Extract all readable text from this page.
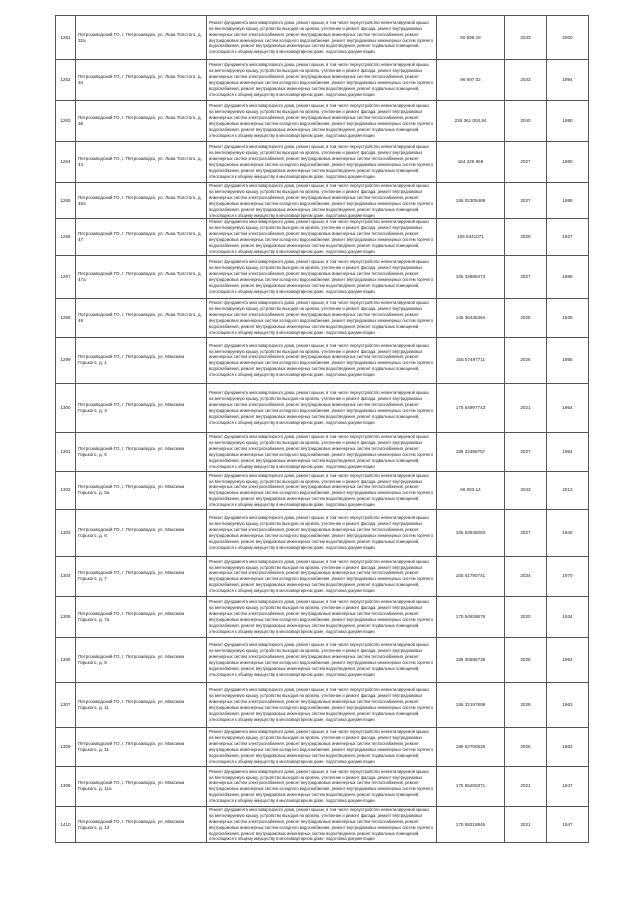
1261	Петрозаводский ГО, г. Петрозаводск, ул. Льва Толстого, д. 32а	Ремонт фундамента многоквартирного дома, ремонт крыши, в том числе переустройство невентилируемой крыши на вентилируемую крышу, устройство выходов на кровлю, утепление и ремонт фасада, ремонт внутридомовых инженерных систем электроснабжения, ремонт внутридомовых инженерных систем теплоснабжения, ремонт внутридомовых инженерных систем холодного водоснабжения, ремонт внутридомовых инженерных систем горячего водоснабжения, ремонт внутридомовых инженерных систем водоотведения, ремонт подвальных помещений, относящихся к общему имуществу в многоквартирном доме, подготовка документации	60 598,18	2043	2000
1262	Петрозаводский ГО, г. Петрозаводск, ул. Льва Толстого, д. 34	Ремонт фундамента многоквартирного дома, ремонт крыши, в том числе переустройство невентилируемой крыши на вентилируемую крышу, устройство выходов на кровлю, утепление и ремонт фасада, ремонт внутридомовых инженерных систем электроснабжения, ремонт внутридомовых инженерных систем теплоснабжения, ремонт внутридомовых инженерных систем холодного водоснабжения, ремонт внутридомовых инженерных систем горячего водоснабжения, ремонт внутридомовых инженерных систем водоотведения, ремонт подвальных помещений, относящихся к общему имуществу в многоквартирном доме, подготовка документации	96 697,02	2043	1994
1263	Петрозаводский ГО, г. Петрозаводск, ул. Льва Толстого, д. 38	Ремонт фундамента многоквартирного дома, ремонт крыши, в том числе переустройство невентилируемой крыши на вентилируемую крышу, устройство выходов на кровлю, утепление и ремонт фасада, ремонт внутридомовых инженерных систем электроснабжения, ремонт внутридомовых инженерных систем теплоснабжения, ремонт внутридомовых инженерных систем холодного водоснабжения, ремонт внутридомовых инженерных систем горячего водоснабжения, ремонт внутридомовых инженерных систем водоотведения, ремонт подвальных помещений, относящихся к общему имуществу в многоквартирном доме, подготовка документации	226 361 004,84	2040	1980
1264	Петрозаводский ГО, г. Петрозаводск, ул. Льва Толстого, д. 43	Ремонт фундамента многоквартирного дома, ремонт крыши, в том числе переустройство невентилируемой крыши на вентилируемую крышу, устройство выходов на кровлю, утепление и ремонт фасада, ремонт внутридомовых инженерных систем электроснабжения, ремонт внутридомовых инженерных систем теплоснабжения, ремонт внутридомовых инженерных систем холодного водоснабжения, ремонт внутридомовых инженерных систем горячего водоснабжения, ремонт внутридомовых инженерных систем водоотведения, ремонт подвальных помещений, относящихся к общему имуществу в многоквартирном доме, подготовка документации	164 326 869	2027	1980
1265	Петрозаводский ГО, г. Петрозаводск, ул. Льва Толстого, д. 45а	Ремонт фундамента многоквартирного дома, ремонт крыши, в том числе переустройство невентилируемой крыши на вентилируемую крышу, устройство выходов на кровлю, утепление и ремонт фасада, ремонт внутридомовых инженерных систем электроснабжения, ремонт внутридомовых инженерных систем теплоснабжения, ремонт внутридомовых инженерных систем холодного водоснабжения, ремонт внутридомовых инженерных систем горячего водоснабжения, ремонт внутридомовых инженерных систем водоотведения, ремонт подвальных помещений, относящихся к общему имуществу в многоквартирном доме, подготовка документации	155 02305489	2027	1985
1266	Петрозаводский ГО, г. Петрозаводск, ул. Льва Толстого, д. 47	Ремонт фундамента многоквартирного дома, ремонт крыши, в том числе переустройство невентилируемой крыши на вентилируемую крышу, устройство выходов на кровлю, утепление и ремонт фасада, ремонт внутридомовых инженерных систем электроснабжения, ремонт внутридомовых инженерных систем теплоснабжения, ремонт внутридомовых инженерных систем холодного водоснабжения, ремонт внутридомовых инженерных систем горячего водоснабжения, ремонт внутридомовых инженерных систем водоотведения, ремонт подвальных помещений, относящихся к общему имуществу в многоквартирном доме, подготовка документации	105 6441071	2026	1927
1267	Петрозаводский ГО, г. Петрозаводск, ул. Льва Толстого, д. 47а	Ремонт фундамента многоквартирного дома, ремонт крыши, в том числе переустройство невентилируемой крыши на вентилируемую крышу, устройство выходов на кровлю, утепление и ремонт фасада, ремонт внутридомовых инженерных систем электроснабжения, ремонт внутридомовых инженерных систем теплоснабжения, ремонт внутридомовых инженерных систем холодного водоснабжения, ремонт внутридомовых инженерных систем горячего водоснабжения, ремонт внутридомовых инженерных систем водоотведения, ремонт подвальных помещений, относящихся к общему имуществу в многоквартирном доме, подготовка документации	155 33886473	2027	1989
1268	Петрозаводский ГО, г. Петрозаводск, ул. Льва Толстого, д. 49	Ремонт фундамента многоквартирного дома, ремонт крыши, в том числе переустройство невентилируемой крыши на вентилируемую крышу, устройство выходов на кровлю, утепление и ремонт фасада, ремонт внутридомовых инженерных систем электроснабжения, ремонт внутридомовых инженерных систем теплоснабжения, ремонт внутридомовых инженерных систем холодного водоснабжения, ремонт внутридомовых инженерных систем горячего водоснабжения, ремонт внутридомовых инженерных систем водоотведения, ремонт подвальных помещений, относящихся к общему имуществу в многоквартирном доме, подготовка документации	145 36435464	2025	1935
1299	Петрозаводский ГО, г. Петрозаводск, ул. Максима Горького, д. 1	Ремонт фундамента многоквартирного дома, ремонт крыши, в том числе переустройство невентилируемой крыши на вентилируемую крышу, устройство выходов на кровлю, утепление и ремонт фасада, ремонт внутридомовых инженерных систем электроснабжения, ремонт внутридомовых инженерных систем теплоснабжения, ремонт внутридомовых инженерных систем холодного водоснабжения, ремонт внутридомовых инженерных систем горячего водоснабжения, ремонт внутридомовых инженерных систем водоотведения, ремонт подвальных помещений, относящихся к общему имуществу в многоквартирном доме, подготовка документации	155 57497711	2026	1955
1300	Петрозаводский ГО, г. Петрозаводск, ул. Максима Горького, д. 3	Ремонт фундамента многоквартирного дома, ремонт крыши, в том числе переустройство невентилируемой крыши на вентилируемую крышу, устройство выходов на кровлю, утепление и ремонт фасада, ремонт внутридомовых инженерных систем электроснабжения, ремонт внутридомовых инженерных систем теплоснабжения, ремонт внутридомовых инженерных систем холодного водоснабжения, ремонт внутридомовых инженерных систем горячего водоснабжения, ремонт внутридомовых инженерных систем водоотведения, ремонт подвальных помещений, относящихся к общему имуществу в многоквартирном доме, подготовка документации	175 54997743	2021	1964
1301	Петрозаводский ГО, г. Петрозаводск, ул. Максима Горького, д. 5	Ремонт фундамента многоквартирного дома, ремонт крыши, в том числе переустройство невентилируемой крыши на вентилируемую крышу, устройство выходов на кровлю, утепление и ремонт фасада, ремонт внутридомовых инженерных систем электроснабжения, ремонт внутридомовых инженерных систем теплоснабжения, ремонт внутридомовых инженерных систем холодного водоснабжения, ремонт внутридомовых инженерных систем горячего водоснабжения, ремонт внутридомовых инженерных систем водоотведения, ремонт подвальных помещений, относящихся к общему имуществу в многоквартирном доме, подготовка документации	155 33398757	2027	1964
1302	Петрозаводский ГО, г. Петрозаводск, ул. Максима Горького, д. 5а	Ремонт фундамента многоквартирного дома, ремонт крыши, в том числе переустройство невентилируемой крыши на вентилируемую крышу, устройство выходов на кровлю, утепление и ремонт фасада, ремонт внутридомовых инженерных систем электроснабжения, ремонт внутридомовых инженерных систем теплоснабжения, ремонт внутридомовых инженерных систем холодного водоснабжения, ремонт внутридомовых инженерных систем горячего водоснабжения, ремонт внутридомовых инженерных систем водоотведения, ремонт подвальных помещений, относящихся к общему имуществу в многоквартирном доме, подготовка документации	66 063,14	2043	2012
1303	Петрозаводский ГО, г. Петрозаводск, ул. Максима Горького, д. 6	Ремонт фундамента многоквартирного дома, ремонт крыши, в том числе переустройство невентилируемой крыши на вентилируемую крышу, устройство выходов на кровлю, утепление и ремонт фасада, ремонт внутридомовых инженерных систем электроснабжения, ремонт внутридомовых инженерных систем теплоснабжения, ремонт внутридомовых инженерных систем холодного водоснабжения, ремонт внутридомовых инженерных систем горячего водоснабжения, ремонт внутридомовых инженерных систем водоотведения, ремонт подвальных помещений, относящихся к общему имуществу в многоквартирном доме, подготовка документации	155 53636093	2027	1940
1304	Петрозаводский ГО, г. Петрозаводск, ул. Максима Горького, д. 7	Ремонт фундамента многоквартирного дома, ремонт крыши, в том числе переустройство невентилируемой крыши на вентилируемую крышу, устройство выходов на кровлю, утепление и ремонт фасада, ремонт внутридомовых инженерных систем электроснабжения, ремонт внутридомовых инженерных систем теплоснабжения, ремонт внутридомовых инженерных систем холодного водоснабжения, ремонт внутридомовых инженерных систем горячего водоснабжения, ремонт внутридомовых инженерных систем водоотведения, ремонт подвальных помещений, относящихся к общему имуществу в многоквартирном доме, подготовка документации	155 51790741	2034	1970
1305	Петрозаводский ГО, г. Петрозаводск, ул. Максима Горького, д. 7а	Ремонт фундамента многоквартирного дома, ремонт крыши, в том числе переустройство невентилируемой крыши на вентилируемую крышу, устройство выходов на кровлю, утепление и ремонт фасада, ремонт внутридомовых инженерных систем электроснабжения, ремонт внутридомовых инженерных систем теплоснабжения, ремонт внутридомовых инженерных систем холодного водоснабжения, ремонт внутридомовых инженерных систем горячего водоснабжения, ремонт внутридомовых инженерных систем водоотведения, ремонт подвальных помещений, относящихся к общему имуществу в многоквартирном доме, подготовка документации	175 54628679	2020	1934
1306	Петрозаводский ГО, г. Петрозаводск, ул. Максима Горького, д. 8	Ремонт фундамента многоквартирного дома, ремонт крыши, в том числе переустройство невентилируемой крыши на вентилируемую крышу, устройство выходов на кровлю, утепление и ремонт фасада, ремонт внутридомовых инженерных систем электроснабжения, ремонт внутридомовых инженерных систем теплоснабжения, ремонт внутридомовых инженерных систем холодного водоснабжения, ремонт внутридомовых инженерных систем горячего водоснабжения, ремонт внутридомовых инженерных систем водоотведения, ремонт подвальных помещений, относящихся к общему имуществу в многоквартирном доме, подготовка документации	155 35886738	2026	1982
1307	Петрозаводский ГО, г. Петрозаводск, ул. Максима Горького, д. 11	Ремонт фундамента многоквартирного дома, ремонт крыши, в том числе переустройство невентилируемой крыши на вентилируемую крышу, устройство выходов на кровлю, утепление и ремонт фасада, ремонт внутридомовых инженерных систем электроснабжения, ремонт внутридомовых инженерных систем теплоснабжения, ремонт внутридомовых инженерных систем холодного водоснабжения, ремонт внутридомовых инженерных систем горячего водоснабжения, ремонт внутридомовых инженерных систем водоотведения, ремонт подвальных помещений, относящихся к общему имуществу в многоквартирном доме, подготовка документации	155 32197699	2029	1963
1308	Петрозаводский ГО, г. Петрозаводск, ул. Максима Горького, д. 11	Ремонт фундамента многоквартирного дома, ремонт крыши, в том числе переустройство невентилируемой крыши на вентилируемую крышу, устройство выходов на кровлю, утепление и ремонт фасада, ремонт внутридомовых инженерных систем электроснабжения, ремонт внутридомовых инженерных систем теплоснабжения, ремонт внутридомовых инженерных систем холодного водоснабжения, ремонт внутридомовых инженерных систем горячего водоснабжения, ремонт внутридомовых инженерных систем водоотведения, ремонт подвальных помещений, относящихся к общему имуществу в многоквартирном доме, подготовка документации	185 53700526	2026	1962
1309	Петрозаводский ГО, г. Петрозаводск, ул. Максима Горького, д. 11а	Ремонт фундамента многоквартирного дома, ремонт крыши, в том числе переустройство невентилируемой крыши на вентилируемую крышу, устройство выходов на кровлю, утепление и ремонт фасада, ремонт внутридомовых инженерных систем электроснабжения, ремонт внутридомовых инженерных систем теплоснабжения, ремонт внутридомовых инженерных систем холодного водоснабжения, ремонт внутридомовых инженерных систем горячего водоснабжения, ремонт внутридомовых инженерных систем водоотведения, ремонт подвальных помещений, относящихся к общему имуществу в многоквартирном доме, подготовка документации	175 55260371	2021	1947
1410	Петрозаводский ГО, г. Петрозаводск, ул. Максима Горького, д. 13	Ремонт фундамента многоквартирного дома, ремонт крыши, в том числе переустройство невентилируемой крыши на вентилируемую крышу, устройство выходов на кровлю, утепление и ремонт фасада, ремонт внутридомовых инженерных систем электроснабжения, ремонт внутридомовых инженерных систем теплоснабжения, ремонт внутридомовых инженерных систем холодного водоснабжения, ремонт внутридомовых инженерных систем горячего водоснабжения, ремонт внутридомовых инженерных систем водоотведения, ремонт подвальных помещений, относящихся к общему имуществу в многоквартирном доме, подготовка документации	175 58218845	2021	1947
